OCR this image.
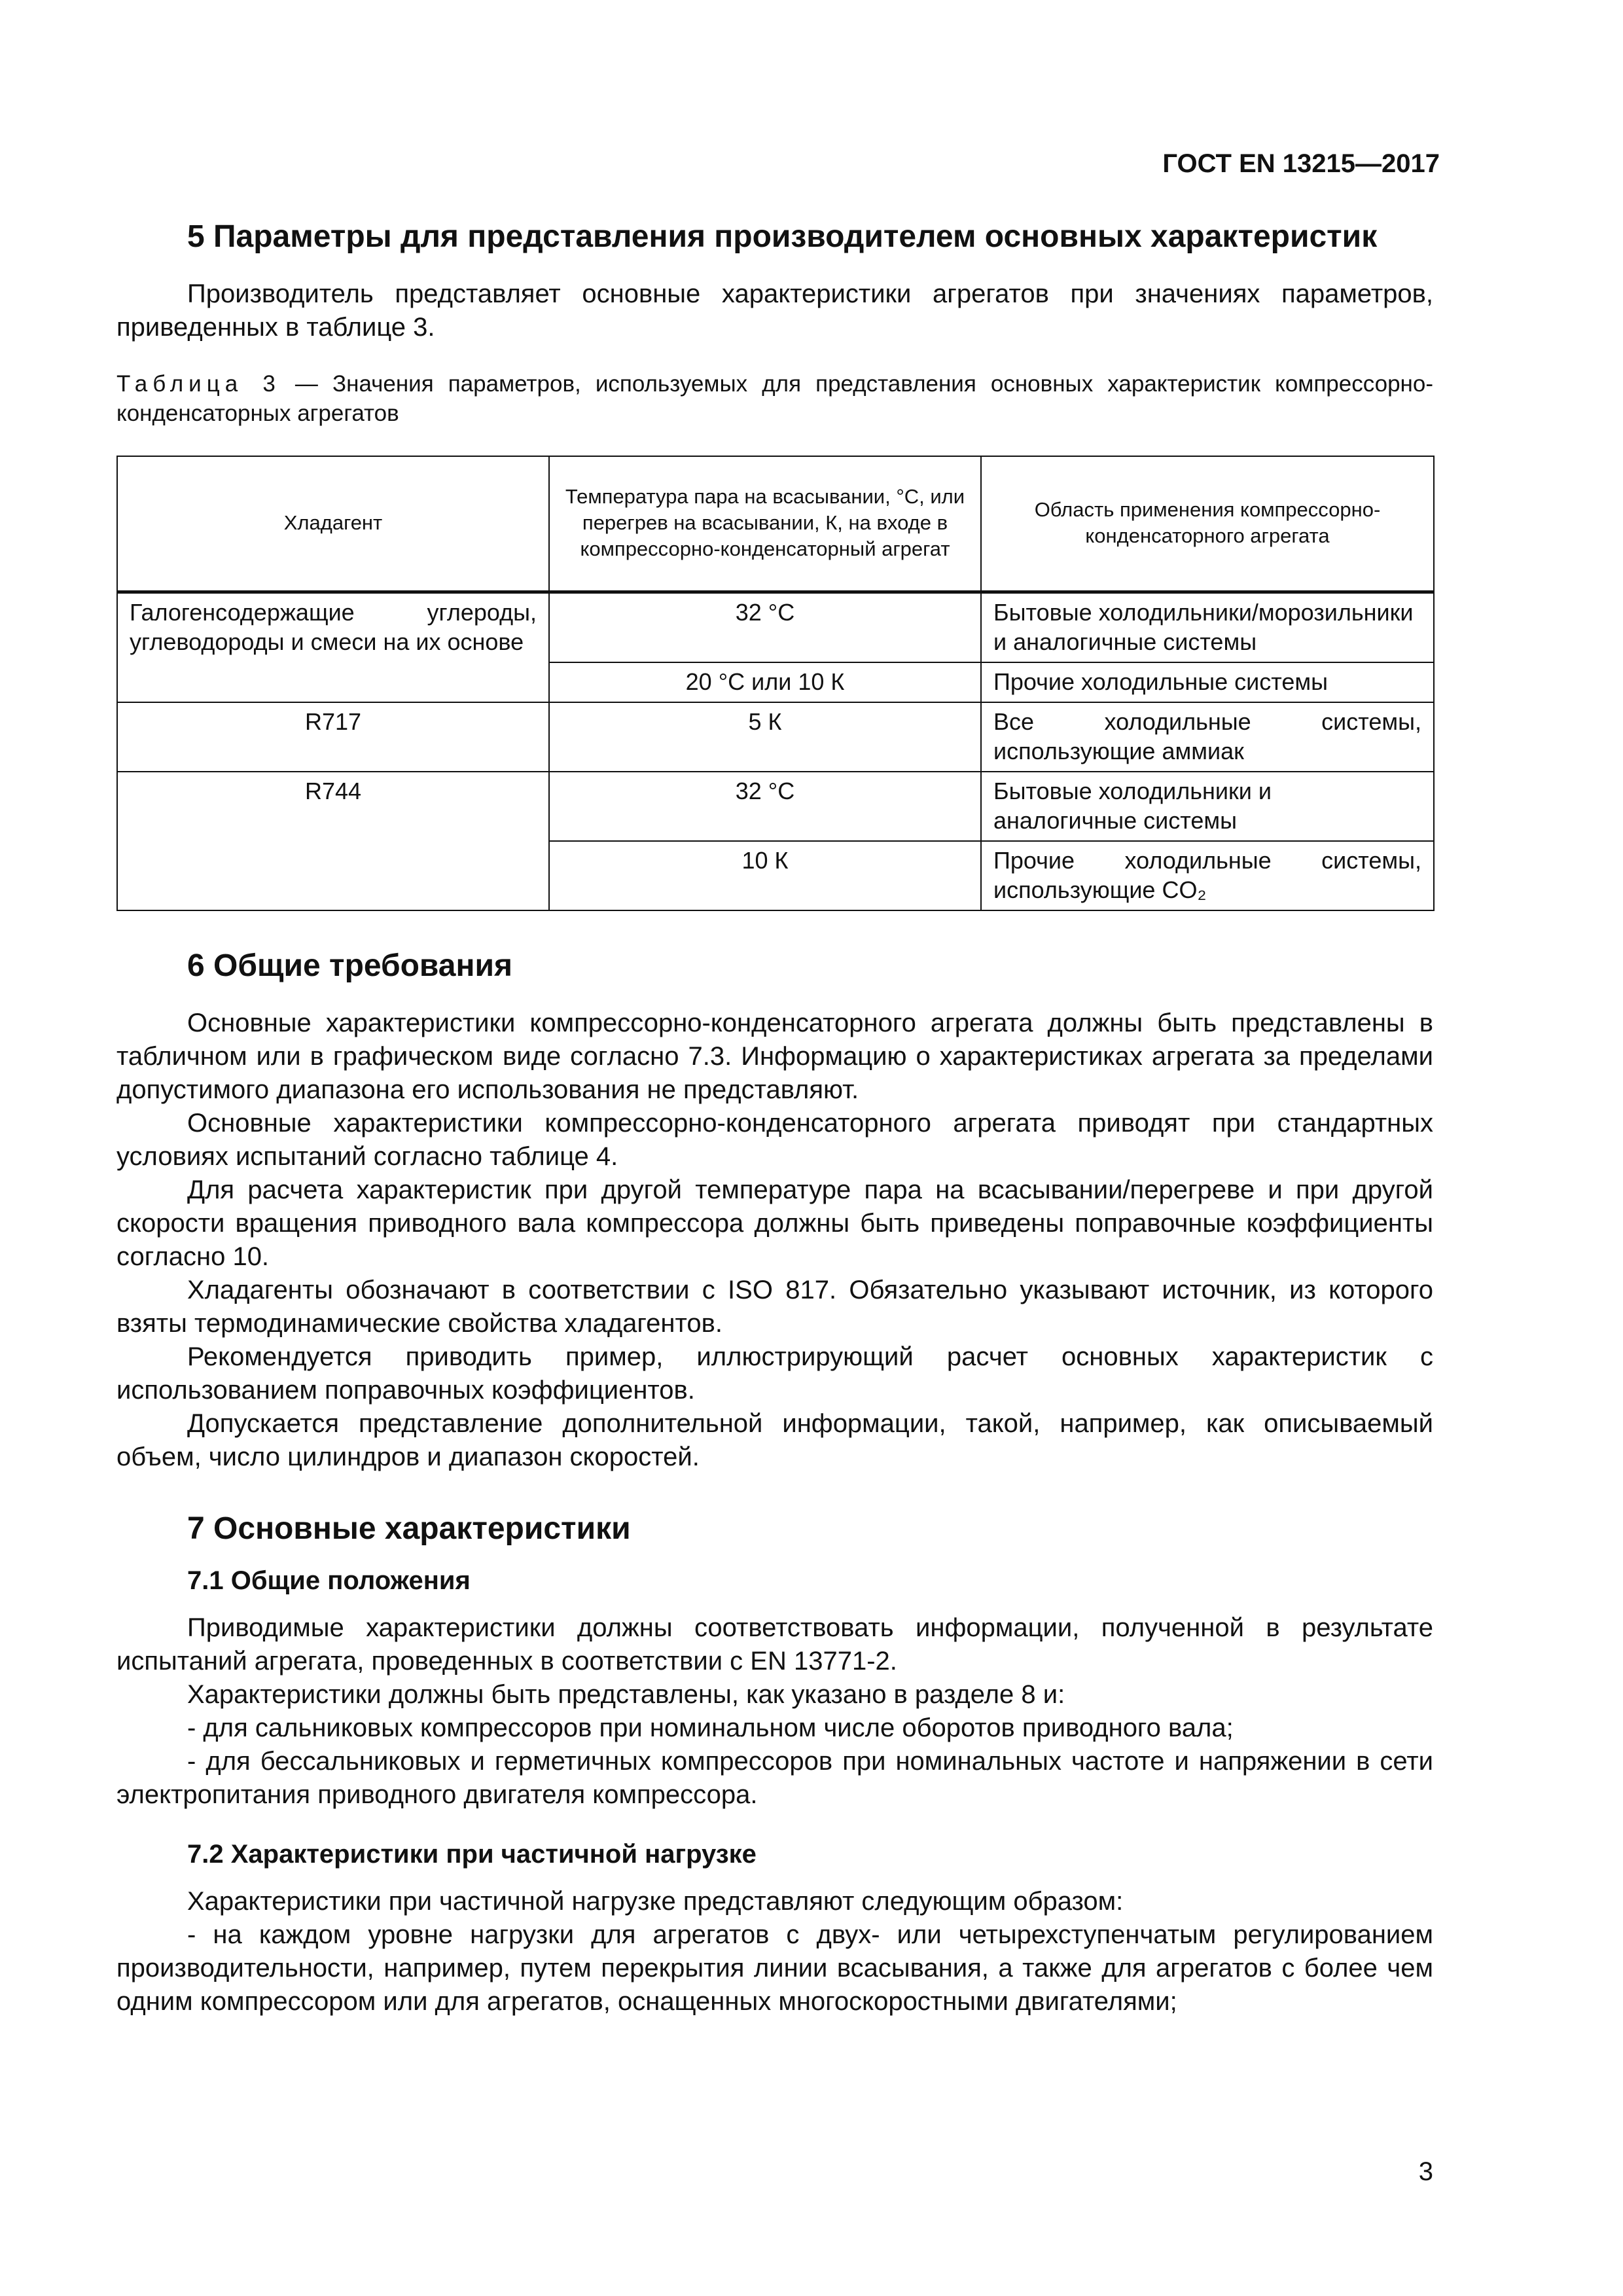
ГОСТ EN 13215—2017
5 Параметры для представления производителем основных характеристик

Производитель представляет основные характеристики агрегатов при значениях параметров, приведенных в таблице 3.

Таблица 3 — Значения параметров, используемых для представления основных характеристик компрессорно-конденсаторных агрегатов
Хладагент	Температура пара на всасывании, °С, или перегрев на всасывании, К, на входе в компрессорно-конденсаторный агрегат	Область применения компрессорно-конденсаторного агрегата
Галогенсодержащие углероды, углеводороды и смеси на их основе	32 °С	Бытовые холодильники/морозильники и аналогичные системы
	20 °С или 10 К	Прочие холодильные системы
R717	5 К	Все холодильные системы, использующие аммиак
R744	32 °С	Бытовые холодильники и аналогичные системы
	10 К	Прочие холодильные системы, использующие CO₂
6 Общие требования

Основные характеристики компрессорно-конденсаторного агрегата должны быть представлены в табличном или в графическом виде согласно 7.3. Информацию о характеристиках агрегата за пределами допустимого диапазона его использования не представляют.

Основные характеристики компрессорно-конденсаторного агрегата приводят при стандартных условиях испытаний согласно таблице 4.

Для расчета характеристик при другой температуре пара на всасывании/перегреве и при другой скорости вращения приводного вала компрессора должны быть приведены поправочные коэффициенты согласно 10.

Хладагенты обозначают в соответствии с ISO 817. Обязательно указывают источник, из которого взяты термодинамические свойства хладагентов.

Рекомендуется приводить пример, иллюстрирующий расчет основных характеристик с использованием поправочных коэффициентов.

Допускается представление дополнительной информации, такой, например, как описываемый объем, число цилиндров и диапазон скоростей.

7 Основные характеристики
7.1 Общие положения

Приводимые характеристики должны соответствовать информации, полученной в результате испытаний агрегата, проведенных в соответствии с EN 13771-2.

Характеристики должны быть представлены, как указано в разделе 8 и:

- для сальниковых компрессоров при номинальном числе оборотов приводного вала;

- для бессальниковых и герметичных компрессоров при номинальных частоте и напряжении в сети электропитания приводного двигателя компрессора.

7.2 Характеристики при частичной нагрузке

Характеристики при частичной нагрузке представляют следующим образом:

- на каждом уровне нагрузки для агрегатов с двух- или четырехступенчатым регулированием производительности, например, путем перекрытия линии всасывания, а также для агрегатов с более чем одним компрессором или для агрегатов, оснащенных многоскоростными двигателями;

3
